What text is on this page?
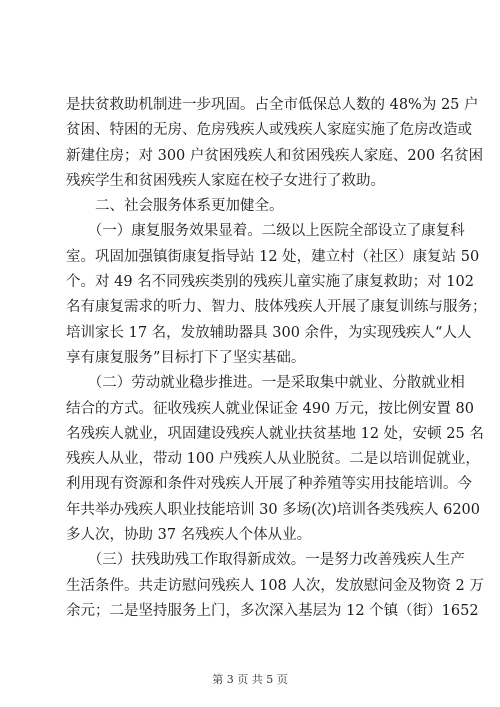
是扶贫救助机制进一步巩固。占全市低保总人数的 48%为 25 户
贫困、特困的无房、危房残疾人或残疾人家庭实施了危房改造或
新建住房；对 300 户贫困残疾人和贫困残疾人家庭、200 名贫困
残疾学生和贫困残疾人家庭在校子女进行了救助。

　　二、社会服务体系更加健全。

　　（一）康复服务效果显着。二级以上医院全部设立了康复科
室。巩固加强镇街康复指导站 12 处，建立村（社区）康复站 50
个。对 49 名不同残疾类别的残疾儿童实施了康复救助；对 102
名有康复需求的听力、智力、肢体残疾人开展了康复训练与服务；
培训家长 17 名，发放辅助器具 300 余件，为实现残疾人“人人
享有康复服务”目标打下了坚实基础。

　　（二）劳动就业稳步推进。一是采取集中就业、分散就业相
结合的方式。征收残疾人就业保证金 490 万元，按比例安置 80
名残疾人就业，巩固建设残疾人就业扶贫基地 12 处，安顿 25 名
残疾人从业，带动 100 户残疾人从业脱贫。二是以培训促就业，
利用现有资源和条件对残疾人开展了种养殖等实用技能培训。今
年共举办残疾人职业技能培训 30 多场(次)培训各类残疾人 6200
多人次，协助 37 名残疾人个体从业。

　　（三）扶残助残工作取得新成效。一是努力改善残疾人生产
生活条件。共走访慰问残疾人 108 人次，发放慰问金及物资 2 万
余元；二是坚持服务上门，多次深入基层为 12 个镇（街）1652

第 3 页 共 5 页
